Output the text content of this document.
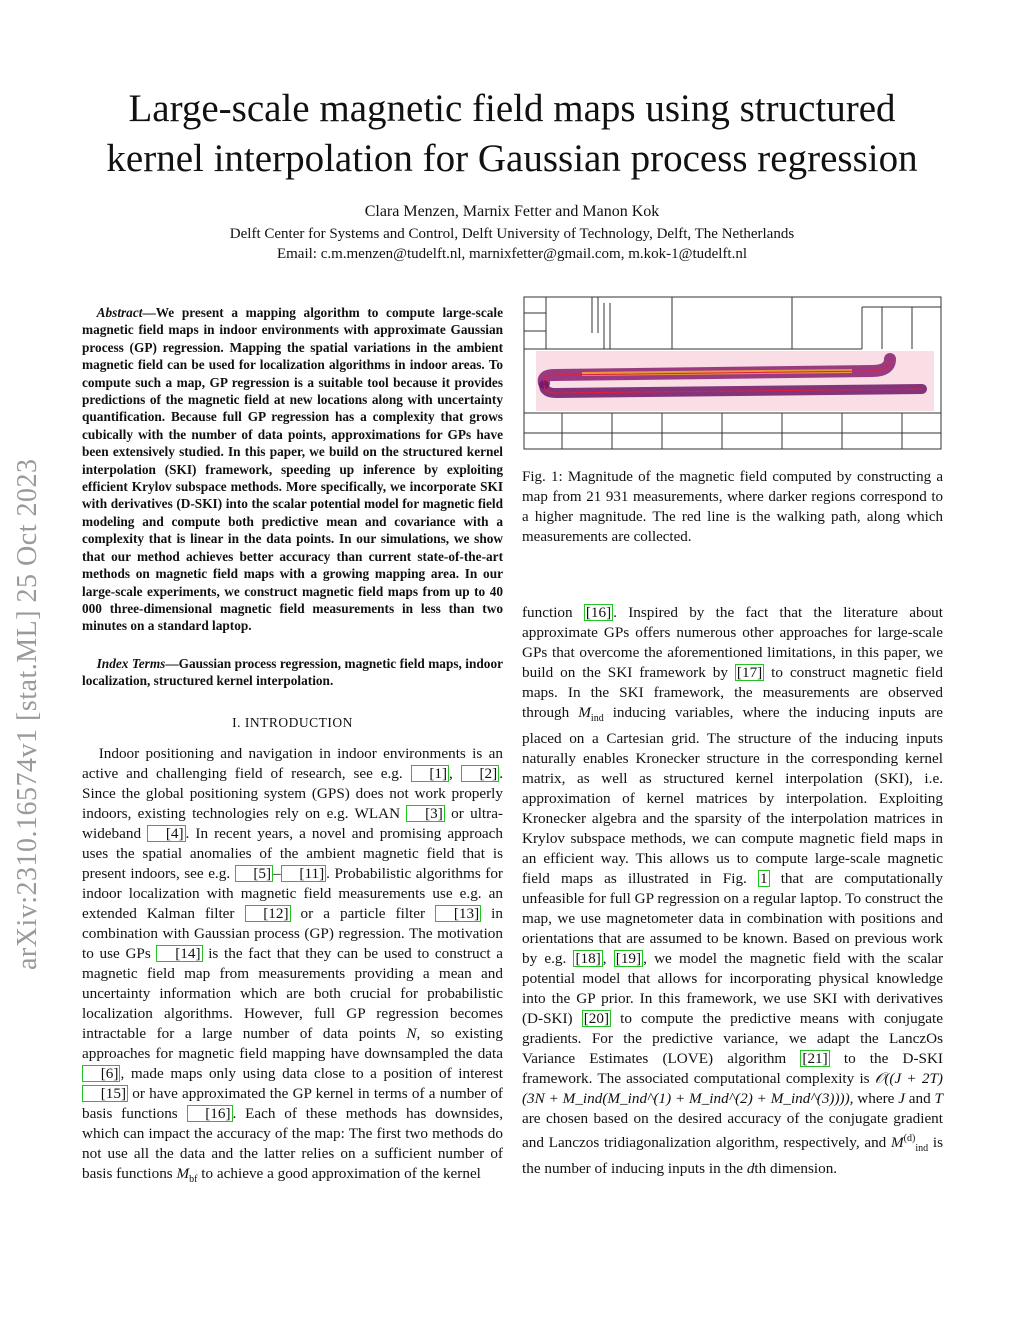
Large-scale magnetic field maps using structured
kernel interpolation for Gaussian process regression
Clara Menzen, Marnix Fetter and Manon Kok
Delft Center for Systems and Control, Delft University of Technology, Delft, The Netherlands
Email: c.m.menzen@tudelft.nl, marnixfetter@gmail.com, m.kok-1@tudelft.nl
arXiv:2310.16574v1 [stat.ML] 25 Oct 2023

Abstract—We present a mapping algorithm to compute large-scale magnetic field maps in indoor environments with approximate Gaussian process (GP) regression. Mapping the spatial variations in the ambient magnetic field can be used for localization algorithms in indoor areas. To compute such a map, GP regression is a suitable tool because it provides predictions of the magnetic field at new locations along with uncertainty quantification. Because full GP regression has a complexity that grows cubically with the number of data points, approximations for GPs have been extensively studied. In this paper, we build on the structured kernel interpolation (SKI) framework, speeding up inference by exploiting efficient Krylov subspace methods. More specifically, we incorporate SKI with derivatives (D-SKI) into the scalar potential model for magnetic field modeling and compute both predictive mean and covariance with a complexity that is linear in the data points. In our simulations, we show that our method achieves better accuracy than current state-of-the-art methods on magnetic field maps with a growing mapping area. In our large-scale experiments, we construct magnetic field maps from up to 40 000 three-dimensional magnetic field measurements in less than two minutes on a standard laptop.

Index Terms—Gaussian process regression, magnetic field maps, indoor localization, structured kernel interpolation.

I. INTRODUCTION

Indoor positioning and navigation in indoor environments is an active and challenging field of research, see e.g. [1] , [2] . Since the global positioning system (GPS) does not work properly indoors, existing technologies rely on e.g. WLAN [3] or ultra-wideband [4] . In recent years, a novel and promising approach uses the spatial anomalies of the ambient magnetic field that is present indoors, see e.g. [5] – [11] . Probabilistic algorithms for indoor localization with magnetic field measurements use e.g. an extended Kalman filter [12] or a particle filter [13] in combination with Gaussian process (GP) regression. The motivation to use GPs [14] is the fact that they can be used to construct a magnetic field map from measurements providing a mean and uncertainty information which are both crucial for probabilistic localization algorithms. However, full GP regression becomes intractable for a large number of data points N, so existing approaches for magnetic field mapping have downsampled the data [6] , made maps only using data close to a position of interest [15] or have approximated the GP kernel in terms of a number of basis functions [16] . Each of these methods has downsides, which can impact the accuracy of the map: The first two methods do not use all the data and the latter relies on a sufficient number of basis functions $M_{bf}$ to achieve a good approximation of the kernel

Fig. 1: Magnitude of the magnetic field computed by constructing a map from 21 931 measurements, where darker regions correspond to a higher magnitude. The red line is the walking path, along which measurements are collected.

function [16] . Inspired by the fact that the literature about approximate GPs offers numerous other approaches for large-scale GPs that overcome the aforementioned limitations, in this paper, we build on the SKI framework by [17] to construct magnetic field maps. In the SKI framework, the measurements are observed through $M_{ind}$ inducing variables, where the inducing inputs are placed on a Cartesian grid. The structure of the inducing inputs naturally enables Kronecker structure in the corresponding kernel matrix, as well as structured kernel interpolation (SKI), i.e. approximation of kernel matrices by interpolation. Exploiting Kronecker algebra and the sparsity of the interpolation matrices in Krylov subspace methods, we can compute magnetic field maps in an efficient way. This allows us to compute large-scale magnetic field maps as illustrated in Fig. 1 that are computationally unfeasible for full GP regression on a regular laptop. To construct the map, we use magnetometer data in combination with positions and orientations that are assumed to be known. Based on previous work by e.g. [18] , [19] , we model the magnetic field with the scalar potential model that allows for incorporating physical knowledge into the GP prior. In this framework, we use SKI with derivatives (D-SKI) [20] to compute the predictive means with conjugate gradients. For the predictive variance, we adapt the LanczOs Variance Estimates (LOVE) algorithm [21] to the D-SKI framework. The associated computational complexity is 𝒪((J + 2T)(3N + M_ind(M_ind^(1) + M_ind^(2) + M_ind^(3)))), where J and T are chosen based on the desired accuracy of the conjugate gradient and Lanczos tridiagonalization algorithm, respectively, and $M^{(d)}_{ind}$ is the number of inducing inputs in the dth dimension.
